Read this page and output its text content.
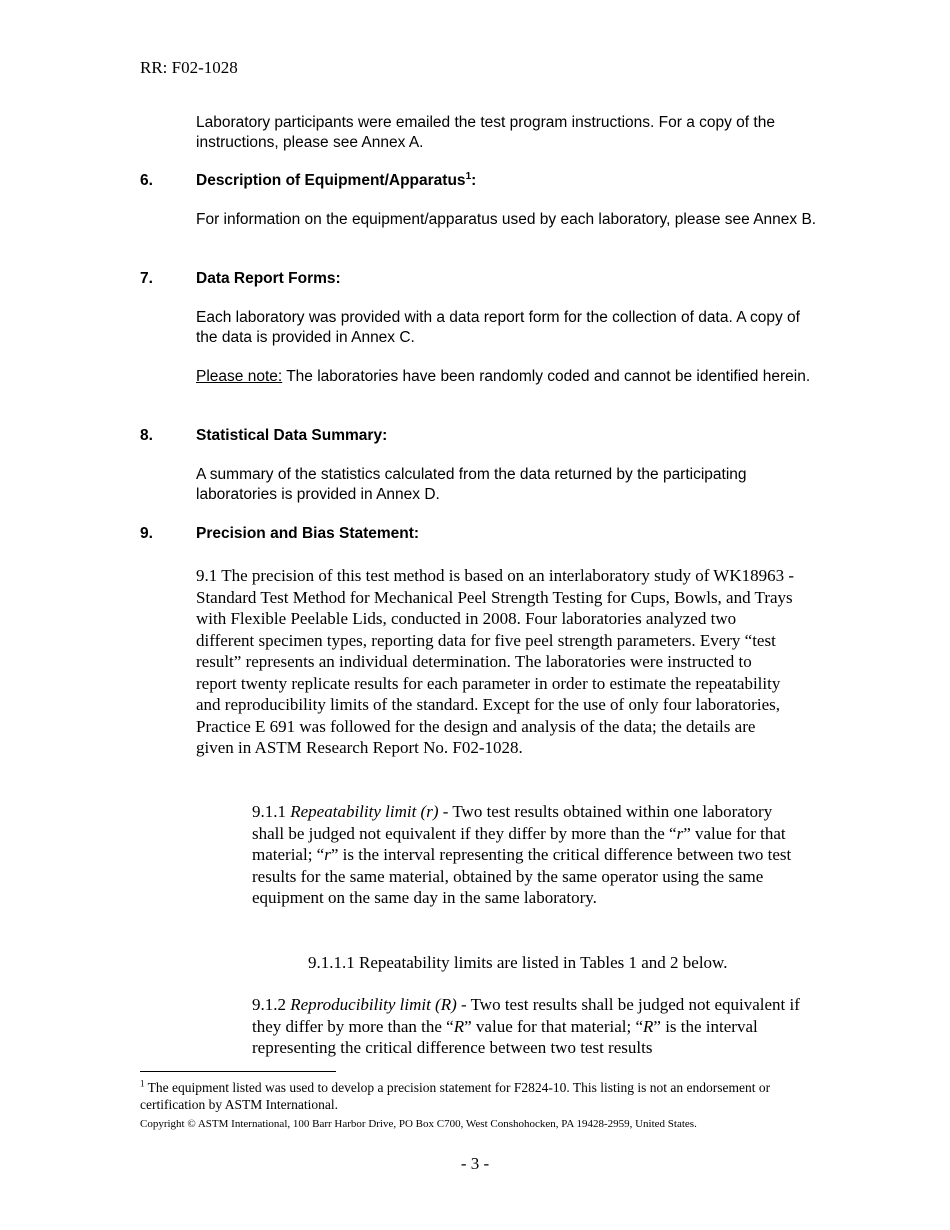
RR: F02-1028
Laboratory participants were emailed the test program instructions. For a copy of the instructions, please see Annex A.
6.	Description of Equipment/Apparatus$^1$:
For information on the equipment/apparatus used by each laboratory, please see Annex B.
7.	Data Report Forms:
Each laboratory was provided with a data report form for the collection of data. A copy of the data is provided in Annex C.
Please note: The laboratories have been randomly coded and cannot be identified herein.
8.	Statistical Data Summary:
A summary of the statistics calculated from the data returned by the participating laboratories is provided in Annex D.
9.	Precision and Bias Statement:
9.1 The precision of this test method is based on an interlaboratory study of WK18963 - Standard Test Method for Mechanical Peel Strength Testing for Cups, Bowls, and Trays with Flexible Peelable Lids, conducted in 2008. Four laboratories analyzed two different specimen types, reporting data for five peel strength parameters. Every “test result” represents an individual determination. The laboratories were instructed to report twenty replicate results for each parameter in order to estimate the repeatability and reproducibility limits of the standard. Except for the use of only four laboratories, Practice E 691 was followed for the design and analysis of the data; the details are given in ASTM Research Report No. F02-1028.
9.1.1 Repeatability limit (r) - Two test results obtained within one laboratory shall be judged not equivalent if they differ by more than the “r” value for that material; “r” is the interval representing the critical difference between two test results for the same material, obtained by the same operator using the same equipment on the same day in the same laboratory.
9.1.1.1 Repeatability limits are listed in Tables 1 and 2 below.
9.1.2 Reproducibility limit (R) - Two test results shall be judged not equivalent if they differ by more than the “R” value for that material; “R” is the interval representing the critical difference between two test results
$^1$ The equipment listed was used to develop a precision statement for F2824-10. This listing is not an endorsement or certification by ASTM International.
Copyright © ASTM International, 100 Barr Harbor Drive, PO Box C700, West Conshohocken, PA 19428-2959, United States.
- 3 -
